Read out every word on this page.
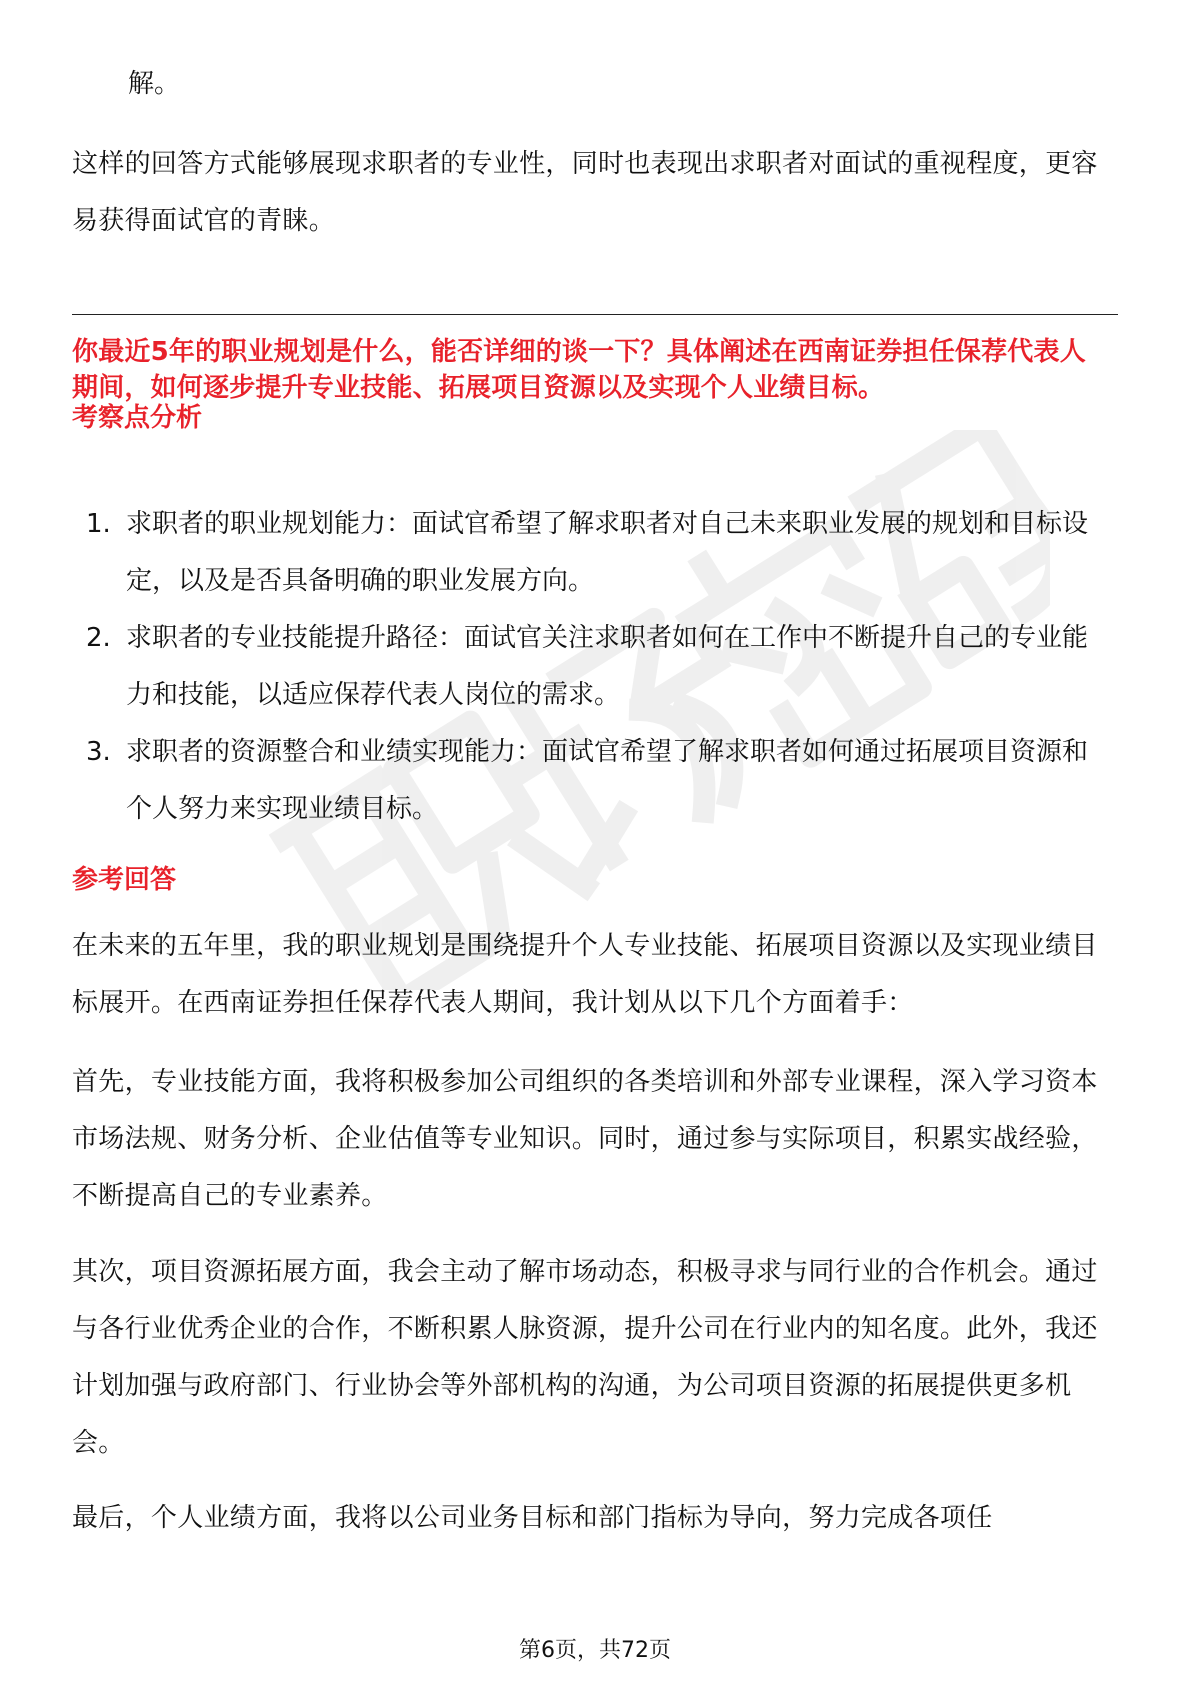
解。

这样的回答方式能够展现求职者的专业性，同时也表现出求职者对面试的重视程度，更容易获得面试官的青睐。

你最近5年的职业规划是什么，能否详细的谈一下？具体阐述在西南证券担任保荐代表人期间，如何逐步提升专业技能、拓展项目资源以及实现个人业绩目标。

考察点分析

1. 求职者的职业规划能力：面试官希望了解求职者对自己未来职业发展的规划和目标设定，以及是否具备明确的职业发展方向。
2. 求职者的专业技能提升路径：面试官关注求职者如何在工作中不断提升自己的专业能力和技能，以适应保荐代表人岗位的需求。
3. 求职者的资源整合和业绩实现能力：面试官希望了解求职者如何通过拓展项目资源和个人努力来实现业绩目标。

参考回答

在未来的五年里，我的职业规划是围绕提升个人专业技能、拓展项目资源以及实现业绩目标展开。在西南证券担任保荐代表人期间，我计划从以下几个方面着手：

首先，专业技能方面，我将积极参加公司组织的各类培训和外部专业课程，深入学习资本市场法规、财务分析、企业估值等专业知识。同时，通过参与实际项目，积累实战经验，不断提高自己的专业素养。

其次，项目资源拓展方面，我会主动了解市场动态，积极寻求与同行业的合作机会。通过与各行业优秀企业的合作，不断积累人脉资源，提升公司在行业内的知名度。此外，我还计划加强与政府部门、行业协会等外部机构的沟通，为公司项目资源的拓展提供更多机会。

最后，个人业绩方面，我将以公司业务目标和部门指标为导向，努力完成各项任

第6页，共72页
